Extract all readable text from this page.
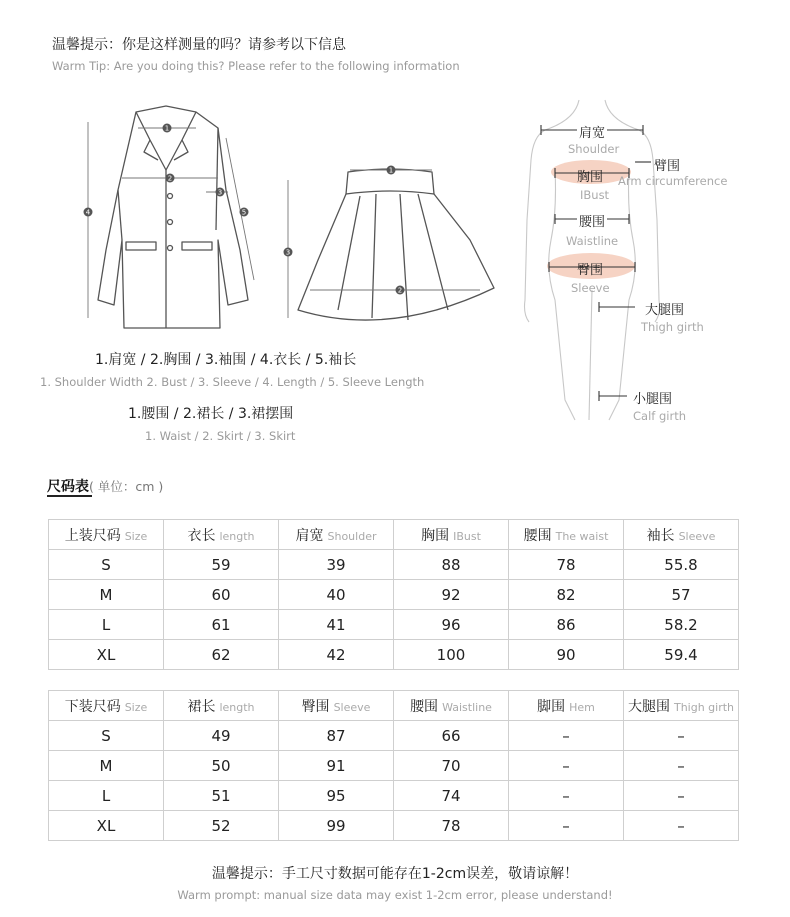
温馨提示：你是这样测量的吗？请参考以下信息
Warm Tip: Are you doing this? Please refer to the following information
1
2
3
4	5
1
2
3
1.肩宽 / 2.胸围 / 3.袖围 / 4.衣长 / 5.袖长
1. Shoulder Width 2. Bust / 3. Sleeve / 4. Length / 5. Sleeve Length
1.腰围 / 2.裙长 / 3.裙摆围
1. Waist / 2. Skirt / 3. Skirt
肩宽
Shoulder
臂围
Arm circumference
胸围
IBust
腰围
Waistline
臀围
Sleeve
大腿围
Thigh girth
小腿围
Calf girth
尺码表( 单位：cm )
上装尺码 Size	衣长 length	肩宽 Shoulder	胸围 IBust	腰围 The waist	袖长 Sleeve
S	59	39	88	78	55.8
M	60	40	92	82	57
L	61	41	96	86	58.2
XL	62	42	100	90	59.4
下装尺码 Size	裙长 length	臀围 Sleeve	腰围 Waistline	脚围 Hem	大腿围 Thigh girth
S	49	87	66	–	–
M	50	91	70	–	–
L	51	95	74	–	–
XL	52	99	78	–	–
温馨提示：手工尺寸数据可能存在1-2cm误差，敬请谅解！
Warm prompt: manual size data may exist 1-2cm error, please understand!
